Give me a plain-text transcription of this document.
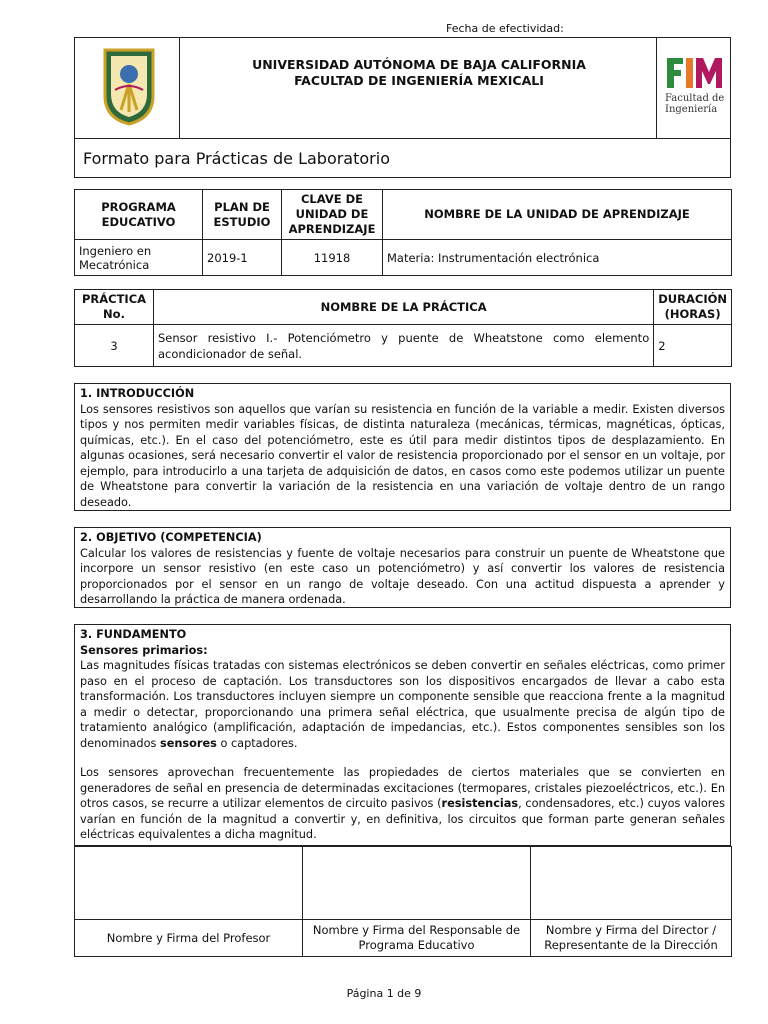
Fecha de efectividad:
UNIVERSIDAD AUTÓNOMA DE BAJA CALIFORNIA
FACULTAD DE INGENIERÍA MEXICALI
Facultad de Ingeniería
Formato para Prácticas de Laboratorio
PROGRAMA EDUCATIVO	PLAN DE ESTUDIO	CLAVE DE UNIDAD DE APRENDIZAJE	NOMBRE DE LA UNIDAD DE APRENDIZAJE
Ingeniero en Mecatrónica	2019-1	11918	Materia: Instrumentación electrónica
PRÁCTICA No.	NOMBRE DE LA PRÁCTICA	DURACIÓN (HORAS)
3	Sensor resistivo I.- Potenciómetro y puente de Wheatstone como elemento acondicionador de señal.	2
1. INTRODUCCIÓN
Los sensores resistivos son aquellos que varían su resistencia en función de la variable a medir. Existen diversos tipos y nos permiten medir variables físicas, de distinta naturaleza (mecánicas, térmicas, magnéticas, ópticas, químicas, etc.). En el caso del potenciómetro, este es útil para medir distintos tipos de desplazamiento. En algunas ocasiones, será necesario convertir el valor de resistencia proporcionado por el sensor en un voltaje, por ejemplo, para introducirlo a una tarjeta de adquisición de datos, en casos como este podemos utilizar un puente de Wheatstone para convertir la variación de la resistencia en una variación de voltaje dentro de un rango deseado.
2. OBJETIVO (COMPETENCIA)
Calcular los valores de resistencias y fuente de voltaje necesarios para construir un puente de Wheatstone que incorpore un sensor resistivo (en este caso un potenciómetro) y así convertir los valores de resistencia proporcionados por el sensor en un rango de voltaje deseado. Con una actitud dispuesta a aprender y desarrollando la práctica de manera ordenada.
3. FUNDAMENTO
Sensores primarios:
Las magnitudes físicas tratadas con sistemas electrónicos se deben convertir en señales eléctricas, como primer paso en el proceso de captación. Los transductores son los dispositivos encargados de llevar a cabo esta transformación. Los transductores incluyen siempre un componente sensible que reacciona frente a la magnitud a medir o detectar, proporcionando una primera señal eléctrica, que usualmente precisa de algún tipo de tratamiento analógico (amplificación, adaptación de impedancias, etc.). Estos componentes sensibles son los denominados sensores o captadores.
Los sensores aprovechan frecuentemente las propiedades de ciertos materiales que se convierten en generadores de señal en presencia de determinadas excitaciones (termopares, cristales piezoeléctricos, etc.). En otros casos, se recurre a utilizar elementos de circuito pasivos (resistencias, condensadores, etc.) cuyos valores varían en función de la magnitud a convertir y, en definitiva, los circuitos que forman parte generan señales eléctricas equivalentes a dicha magnitud.

Nombre y Firma del Profesor	Nombre y Firma del Responsable de Programa Educativo	Nombre y Firma del Director / Representante de la Dirección
Página 1 de 9
